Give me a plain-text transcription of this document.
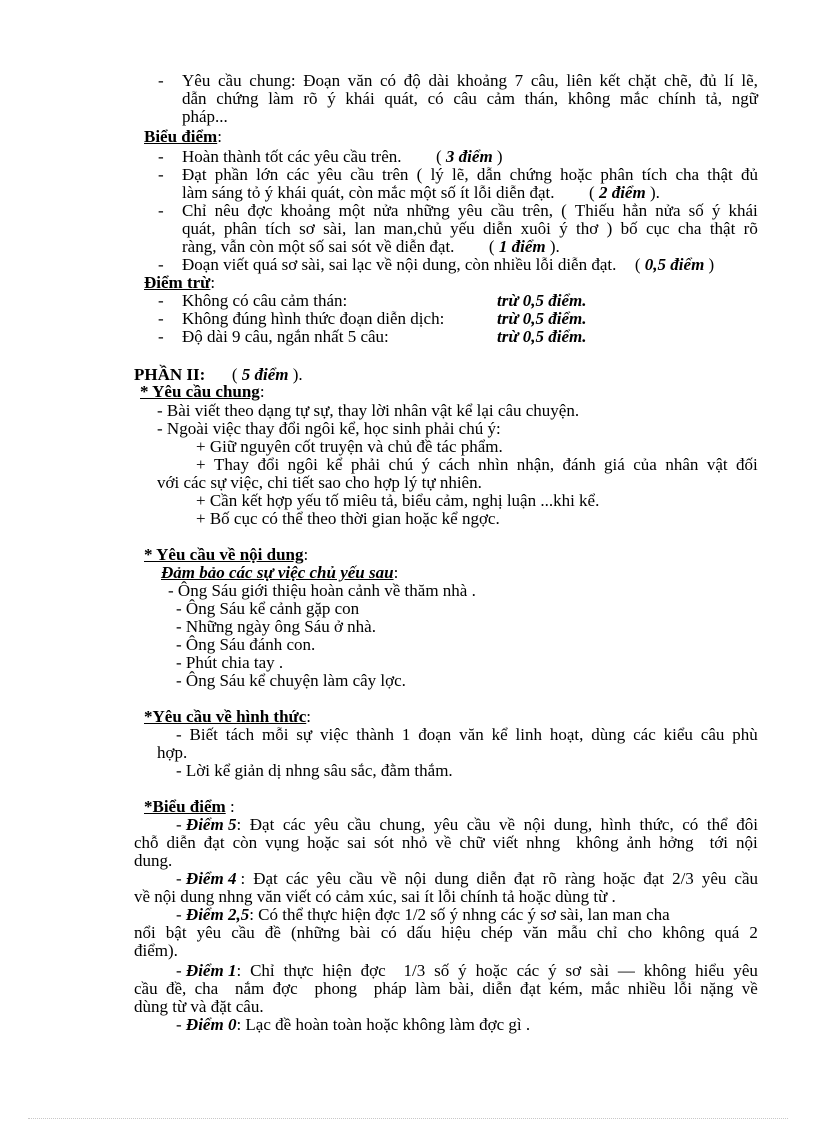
- Yêu cầu chung: Đoạn văn có độ dài khoảng 7 câu, liên kết chặt chẽ, đủ lí lẽ,
dẫn chứng làm rõ ý khái quát, có câu cảm thán, không mắc chính tả, ngữ
pháp...
Biểu điểm:
- Hoàn thành tốt các yêu cầu trên. ( 3 điểm )
- Đạt phần lớn các yêu cầu trên ( lý lẽ, dẫn chứng hoặc phân tích cha thật đủ
làm sáng tỏ ý khái quát, còn mắc một số ít lỗi diễn đạt. ( 2 điểm ).
- Chỉ nêu đợc khoảng một nửa những yêu cầu trên, ( Thiếu hẳn nửa số ý khái
quát, phân tích sơ sài, lan man,chủ yếu diễn xuôi ý thơ ) bố cục cha thật rõ
ràng, vẫn còn một số sai sót về diễn đạt. ( 1 điểm ).
- Đoạn viết quá sơ sài, sai lạc về nội dung, còn nhiều lỗi diễn đạt. ( 0,5 điểm )
Điểm trừ:
- Không có câu cảm thán:	trừ 0,5 điểm.
- Không đúng hình thức đoạn diễn dịch:	trừ 0,5 điểm.
- Độ dài 9 câu, ngắn nhất 5 câu:	trừ 0,5 điểm.
PHẦN II: ( 5 điểm ).
* Yêu cầu chung:
- Bài viết theo dạng tự sự, thay lời nhân vật kể lại câu chuyện.
- Ngoài việc thay đổi ngôi kể, học sinh phải chú ý:
+ Giữ nguyên cốt truyện và chủ đề tác phẩm.
+ Thay đổi ngôi kể phải chú ý cách nhìn nhận, đánh giá của nhân vật đối
với các sự việc, chi tiết sao cho hợp lý tự nhiên.
+ Cần kết hợp yếu tố miêu tả, biểu cảm, nghị luận ...khi kể.
+ Bố cục có thể theo thời gian hoặc kể ngợc.
* Yêu cầu về nội dung:
Đảm bảo các sự việc chủ yếu sau:
- Ông Sáu giới thiệu hoàn cảnh về thăm nhà .
- Ông Sáu kể cảnh gặp con
- Những ngày ông Sáu ở nhà.
- Ông Sáu đánh con.
- Phút chia tay .
- Ông Sáu kể chuyện làm cây lợc.
*Yêu cầu về hình thức:
- Biết tách mỗi sự việc thành 1 đoạn văn kể linh hoạt, dùng các kiểu câu phù
hợp.
- Lời kể giản dị nhng sâu sắc, đằm thắm.
*Biểu điểm :
- Điểm 5 : Đạt các yêu cầu chung, yêu cầu về nội dung, hình thức, có thể đôi
chỗ diễn đạt còn vụng hoặc sai sót nhỏ về chữ viết nhng không ảnh hởng tới nội
dung.
- Điểm 4 : Đạt các yêu cầu về nội dung diễn đạt rõ ràng hoặc đạt 2/3 yêu cầu
về nội dung nhng văn viết có cảm xúc, sai ít lỗi chính tả hoặc dùng từ .
- Điểm 2,5: Có thể thực hiện đợc 1/2 số ý nhng các ý sơ sài, lan man cha
nổi bật yêu cầu đề (những bài có dấu hiệu chép văn mẫu chỉ cho không quá 2
điểm).
- Điểm 1 : Chỉ thực hiện đợc 1/3 số ý hoặc các ý sơ sài — không hiểu yêu
cầu đề, cha nắm đợc phong pháp làm bài, diễn đạt kém, mắc nhiều lỗi nặng về
dùng từ và đặt câu.
- Điểm 0: Lạc đề hoàn toàn hoặc không làm đợc gì .
